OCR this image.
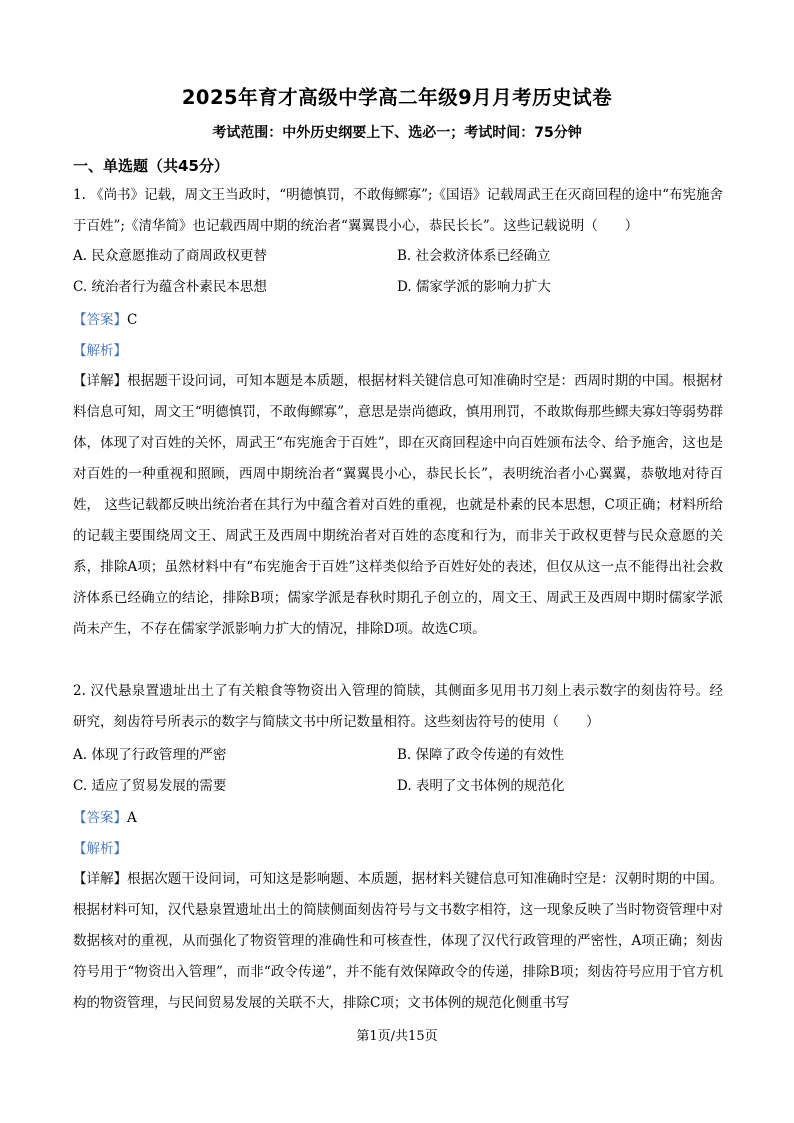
2025年育才高级中学高二年级9月月考历史试卷
考试范围：中外历史纲要上下、选必一；考试时间：75分钟
一、单选题（共45分）

1. 《尚书》记载，周文王当政时，“明德慎罚，不敢侮鳏寡”;《国语》记载周武王在灭商回程的途中“布宪施舍于百姓”;《清华简》也记载西周中期的统治者“翼翼畏小心，恭民长长”。这些记载说明（　　）

A. 民众意愿推动了商周政权更替	B. 社会救济体系已经确立
C. 统治者行为蕴含朴素民本思想	D. 儒家学派的影响力扩大
【答案】C
【解析】

【详解】根据题干设问词，可知本题是本质题，根据材料关键信息可知准确时空是：西周时期的中国。根据材料信息可知，周文王“明德慎罚，不敢侮鳏寡”，意思是崇尚德政，慎用刑罚，不敢欺侮那些鳏夫寡妇等弱势群体，体现了对百姓的关怀，周武王“布宪施舍于百姓”，即在灭商回程途中向百姓颁布法令、给予施舍，这也是对百姓的一种重视和照顾，西周中期统治者“翼翼畏小心，恭民长长”，表明统治者小心翼翼，恭敬地对待百姓， 这些记载都反映出统治者在其行为中蕴含着对百姓的重视，也就是朴素的民本思想，C项正确；材料所给的记载主要围绕周文王、周武王及西周中期统治者对百姓的态度和行为，而非关于政权更替与民众意愿的关系，排除A项；虽然材料中有“布宪施舍于百姓”这样类似给予百姓好处的表述，但仅从这一点不能得出社会救济体系已经确立的结论，排除B项；儒家学派是春秋时期孔子创立的，周文王、周武王及西周中期时儒家学派尚未产生，不存在儒家学派影响力扩大的情况，排除D项。故选C项。

2. 汉代悬泉置遗址出土了有关粮食等物资出入管理的简牍，其侧面多见用书刀刻上表示数字的刻齿符号。经研究，刻齿符号所表示的数字与简牍文书中所记数量相符。这些刻齿符号的使用（　　）

A. 体现了行政管理的严密	B. 保障了政令传递的有效性
C. 适应了贸易发展的需要	D. 表明了文书体例的规范化
【答案】A
【解析】

【详解】根据次题干设问词，可知这是影响题、本质题，据材料关键信息可知准确时空是：汉朝时期的中国。根据材料可知，汉代悬泉置遗址出土的简牍侧面刻齿符号与文书数字相符，这一现象反映了当时物资管理中对数据核对的重视，从而强化了物资管理的准确性和可核查性，体现了汉代行政管理的严密性，A项正确；刻齿符号用于“物资出入管理”，而非“政令传递”，并不能有效保障政令的传递，排除B项；刻齿符号应用于官方机构的物资管理，与民间贸易发展的关联不大，排除C项；文书体例的规范化侧重书写

第1页/共15页
